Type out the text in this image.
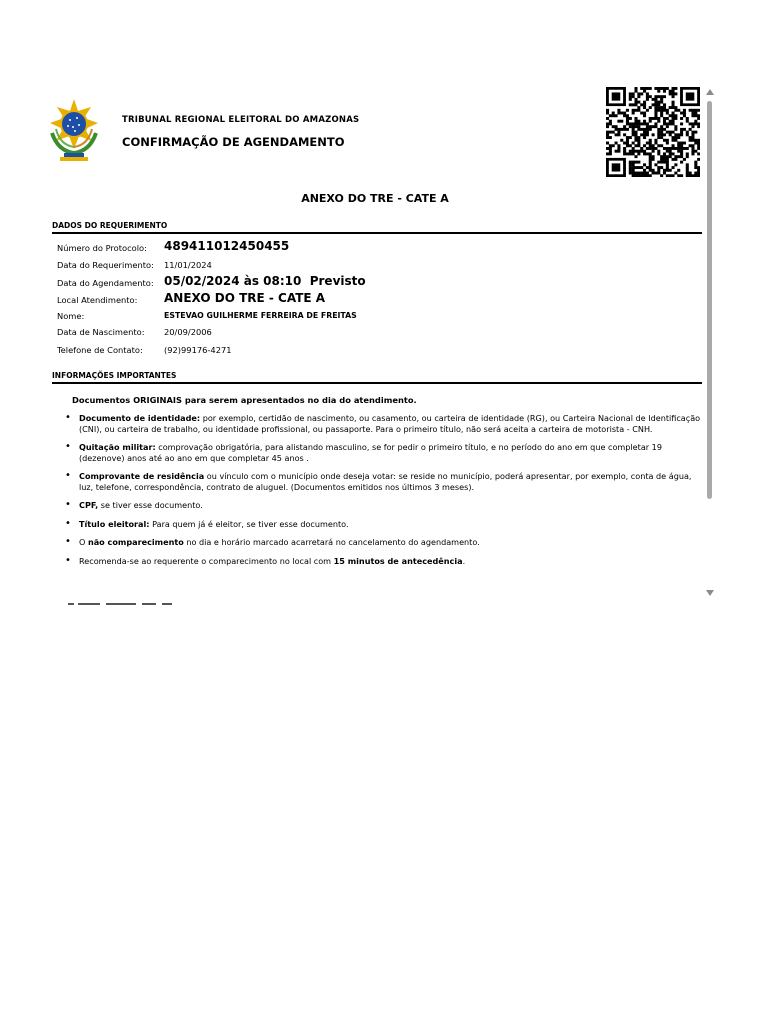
TRIBUNAL REGIONAL ELEITORAL DO AMAZONAS
CONFIRMAÇÃO DE AGENDAMENTO
ANEXO DO TRE - CATE A
DADOS DO REQUERIMENTO
Número do Protocolo: 489411012450455
Data do Requerimento: 11/01/2024
Data do Agendamento: 05/02/2024 às 08:10  Previsto
Local Atendimento: ANEXO DO TRE - CATE A
Nome:	ESTEVAO GUILHERME FERREIRA DE FREITAS
Data de Nascimento: 20/09/2006
Telefone de Contato:	(92)99176-4271
INFORMAÇÕES IMPORTANTES
Documentos ORIGINAIS para serem apresentados no dia do atendimento.
• Documento de identidade: por exemplo, certidão de nascimento, ou casamento, ou carteira de identidade (RG), ou Carteira Nacional de Identificação (CNI), ou carteira de trabalho, ou identidade profissional, ou passaporte. Para o primeiro título, não será aceita a carteira de motorista - CNH.
• Quitação militar: comprovação obrigatória, para alistando masculino, se for pedir o primeiro título, e no período do ano em que completar 19 (dezenove) anos até ao ano em que completar 45 anos .
• Comprovante de residência ou vínculo com o município onde deseja votar: se reside no município, poderá apresentar, por exemplo, conta de água, luz, telefone, correspondência, contrato de aluguel. (Documentos emitidos nos últimos 3 meses).
• CPF, se tiver esse documento.
• Título eleitoral: Para quem já é eleitor, se tiver esse documento.
• O não comparecimento no dia e horário marcado acarretará no cancelamento do agendamento.
• Recomenda-se ao requerente o comparecimento no local com 15 minutos de antecedência.
